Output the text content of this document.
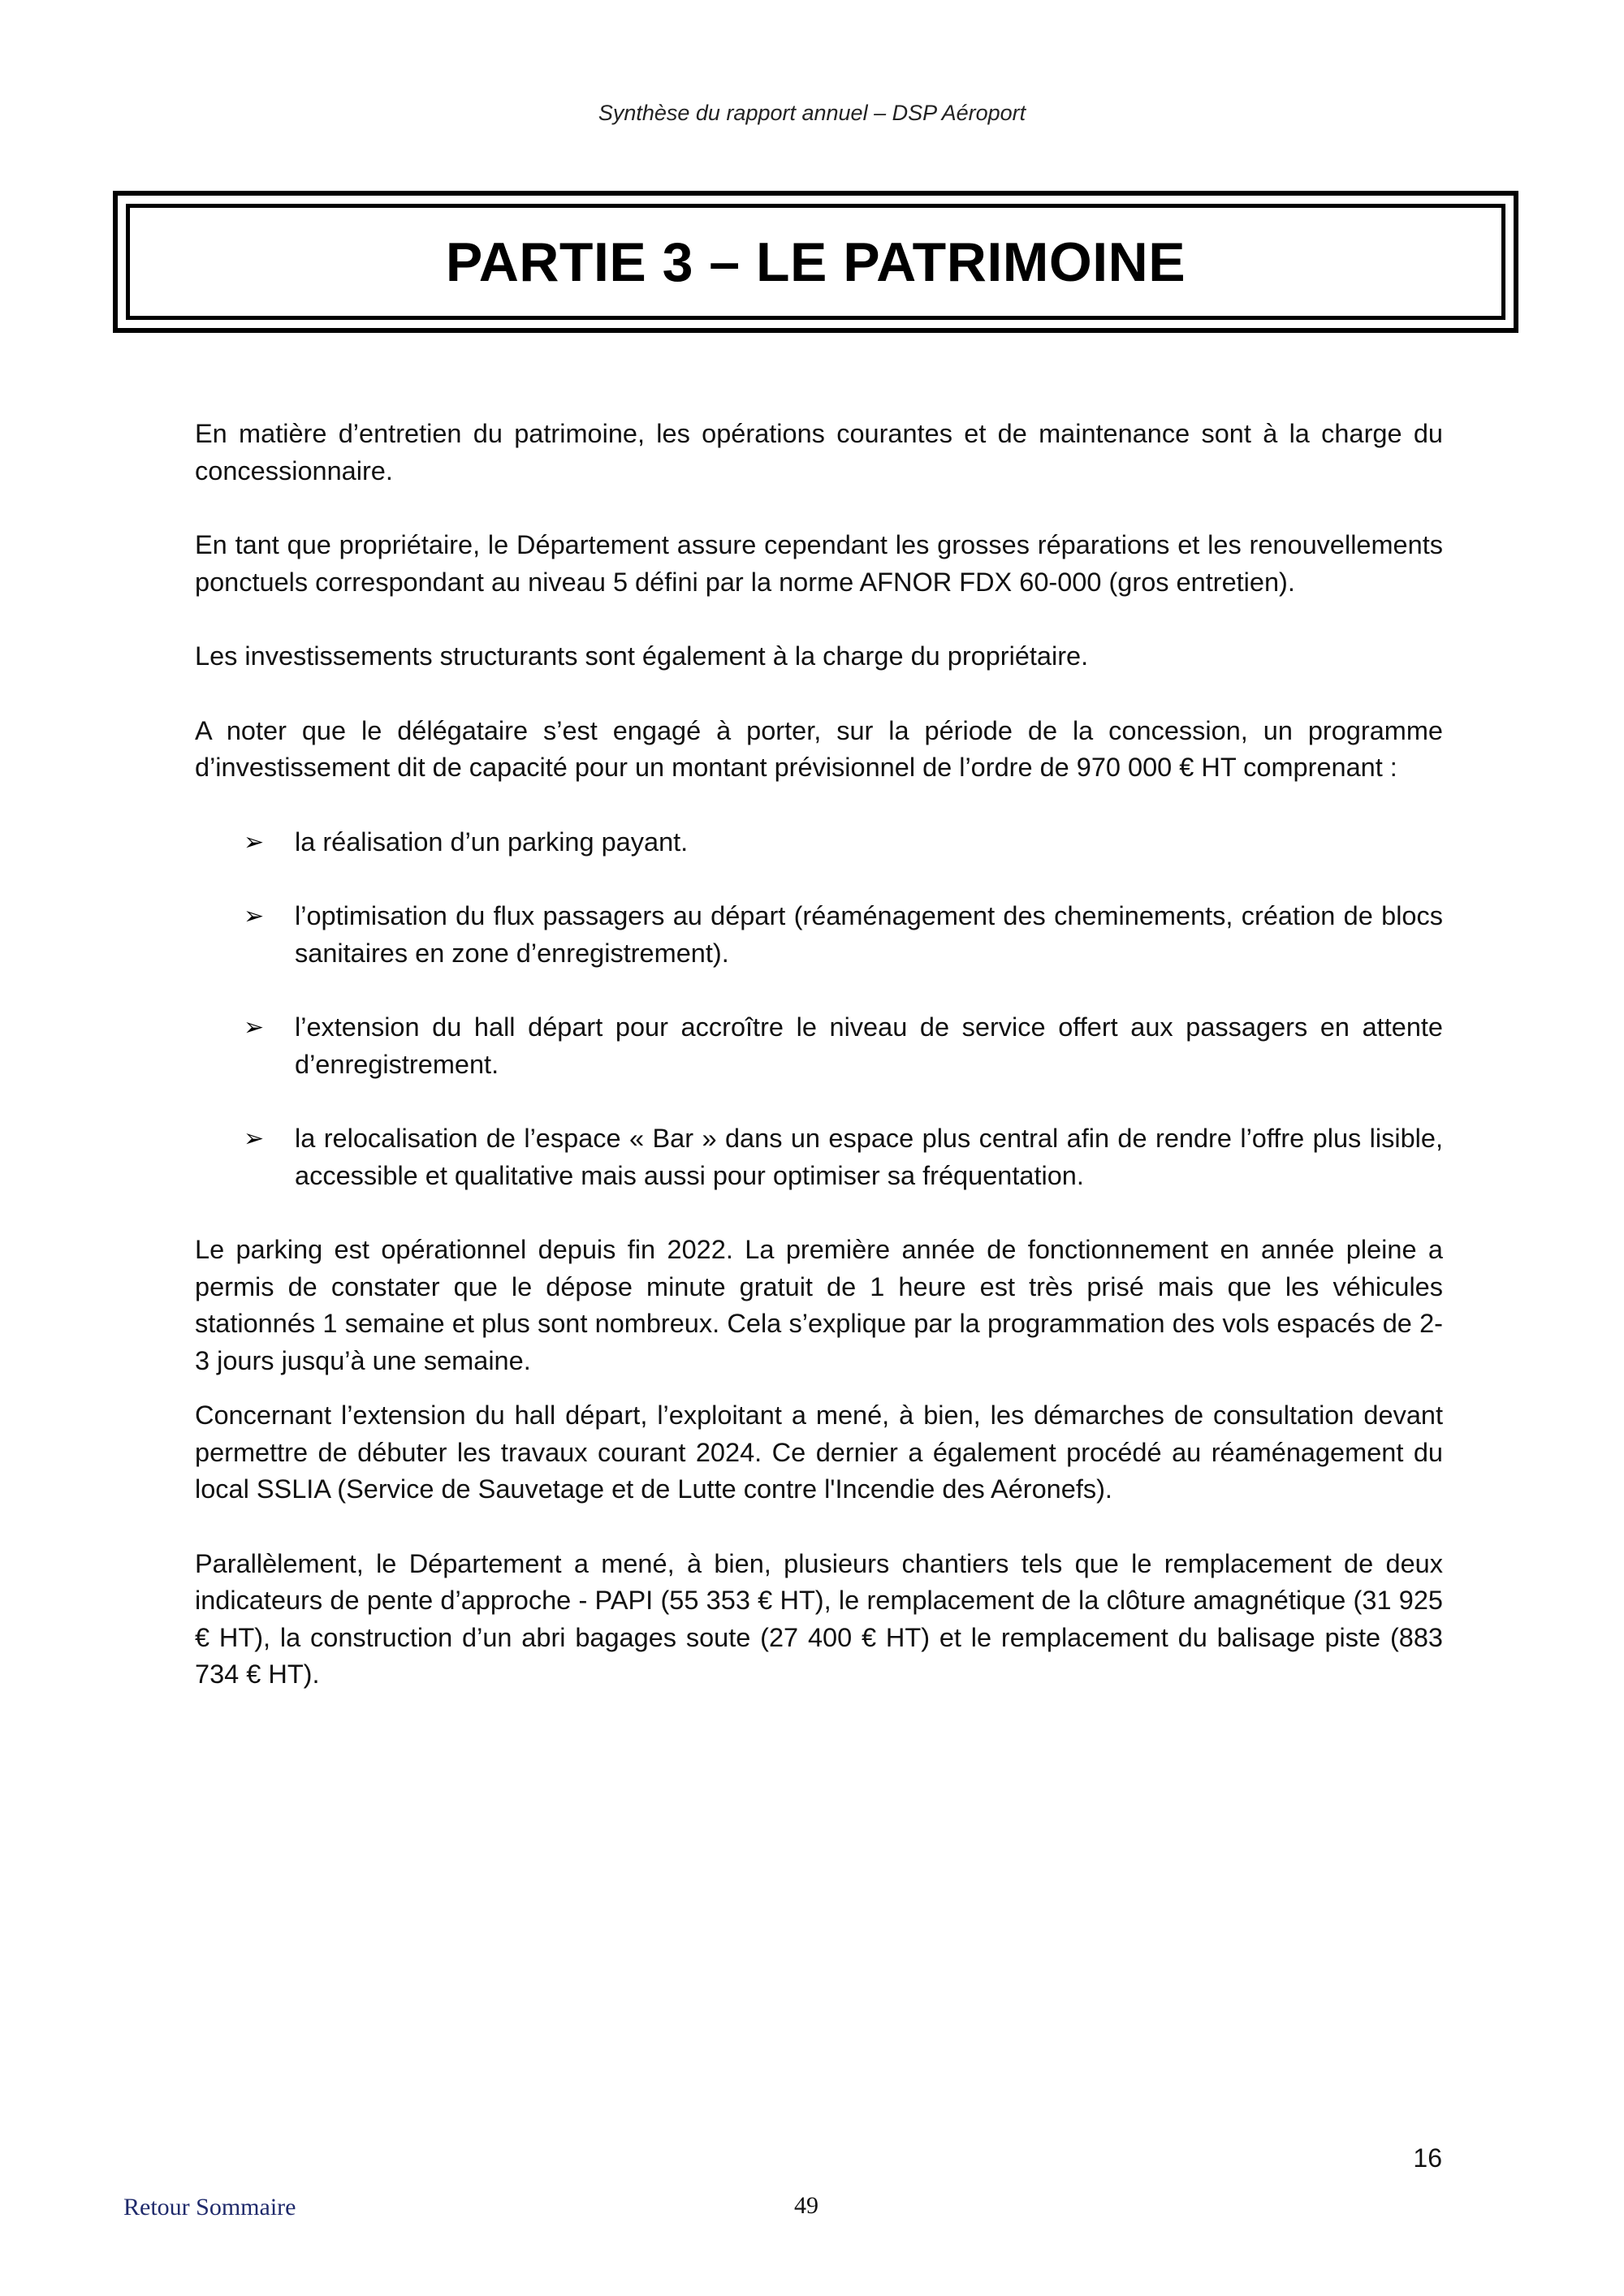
Synthèse du rapport annuel – DSP Aéroport
PARTIE 3 – LE PATRIMOINE

En matière d’entretien du patrimoine, les opérations courantes et de maintenance sont à la charge du concessionnaire.

En tant que propriétaire, le Département assure cependant les grosses réparations et les renouvellements ponctuels correspondant au niveau 5 défini par la norme AFNOR FDX 60-000 (gros entretien).

Les investissements structurants sont également à la charge du propriétaire.

A noter que le délégataire s’est engagé à porter, sur la période de la concession, un programme d’investissement dit de capacité pour un montant prévisionnel de l’ordre de 970 000 € HT comprenant :

➢ la réalisation d’un parking payant.
➢ l’optimisation du flux passagers au départ (réaménagement des cheminements, création de blocs sanitaires en zone d’enregistrement).
➢ l’extension du hall départ pour accroître le niveau de service offert aux passagers en attente d’enregistrement.
➢ la relocalisation de l’espace « Bar » dans un espace plus central afin de rendre l’offre plus lisible, accessible et qualitative mais aussi pour optimiser sa fréquentation.

Le parking est opérationnel depuis fin 2022. La première année de fonctionnement en année pleine a permis de constater que le dépose minute gratuit de 1 heure est très prisé mais que les véhicules stationnés 1 semaine et plus sont nombreux. Cela s’explique par la programmation des vols espacés de 2-3 jours jusqu’à une semaine.

Concernant l’extension du hall départ, l’exploitant a mené, à bien, les démarches de consultation devant permettre de débuter les travaux courant 2024. Ce dernier a également procédé au réaménagement du local SSLIA (Service de Sauvetage et de Lutte contre l'Incendie des Aéronefs).

Parallèlement, le Département a mené, à bien, plusieurs chantiers tels que le remplacement de deux indicateurs de pente d’approche - PAPI (55 353 € HT), le remplacement de la clôture amagnétique (31 925 € HT), la construction d’un abri bagages soute (27 400 € HT) et le remplacement du balisage piste (883 734 € HT).

16
Retour Sommaire	49
